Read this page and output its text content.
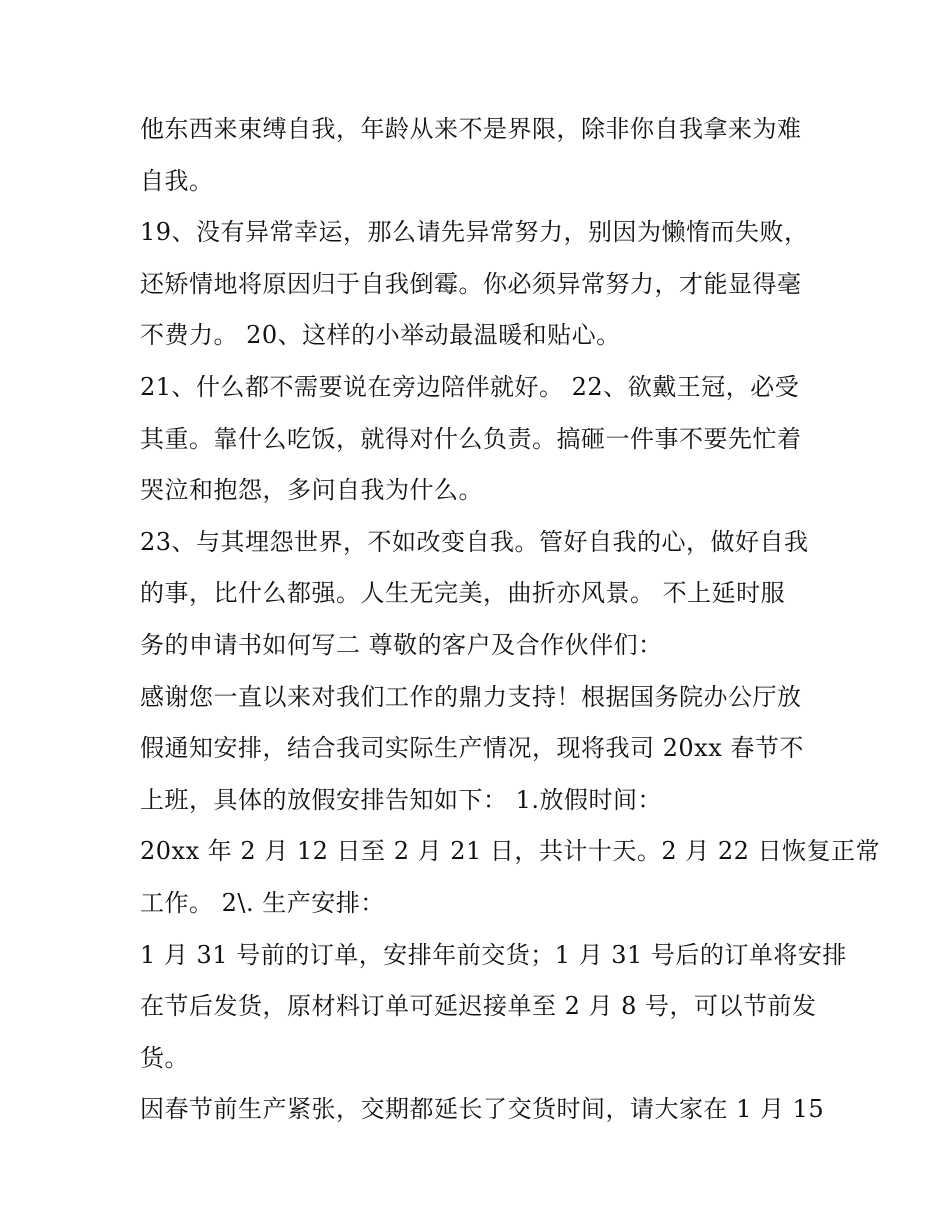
他东西来束缚自我，年龄从来不是界限，除非你自我拿来为难
自我。
19、没有异常幸运，那么请先异常努力，别因为懒惰而失败，
还矫情地将原因归于自我倒霉。你必须异常努力，才能显得毫
不费力。 20、这样的小举动最温暖和贴心。
21、什么都不需要说在旁边陪伴就好。 22、欲戴王冠，必受
其重。靠什么吃饭，就得对什么负责。搞砸一件事不要先忙着
哭泣和抱怨，多问自我为什么。
23、与其埋怨世界，不如改变自我。管好自我的心，做好自我
的事，比什么都强。人生无完美，曲折亦风景。 不上延时服
务的申请书如何写二 尊敬的客户及合作伙伴们：
感谢您一直以来对我们工作的鼎力支持！根据国务院办公厅放
假通知安排，结合我司实际生产情况，现将我司 20xx 春节不
上班，具体的放假安排告知如下： 1.放假时间：
20xx 年 2 月 12 日至 2 月 21 日，共计十天。2 月 22 日恢复正常
工作。 2\. 生产安排：
1 月 31 号前的订单，安排年前交货；1 月 31 号后的订单将安排
在节后发货，原材料订单可延迟接单至 2 月 8 号，可以节前发
货。
因春节前生产紧张，交期都延长了交货时间，请大家在 1 月 15
